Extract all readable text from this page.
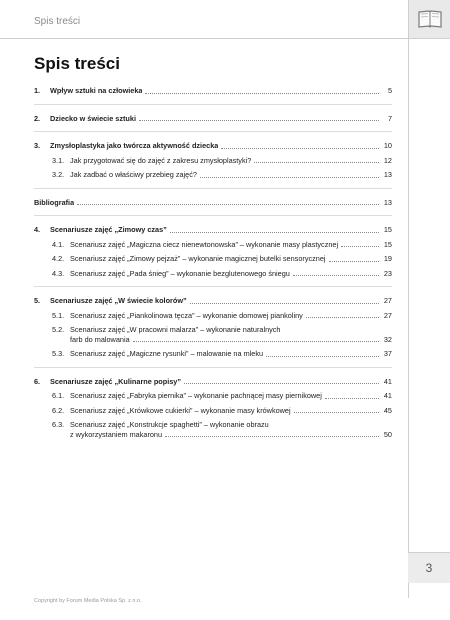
Spis treści
Spis treści
1.	Wpływ sztuki na człowieka	5
2.	Dziecko w świecie sztuki	7
3.	Zmysłoplastyka jako twórcza aktywność dziecka	10
3.1. Jak przygotować się do zajęć z zakresu zmysłoplastyki?	12
3.2. Jak zadbać o właściwy przebieg zajęć?	13
Bibliografia	13
4.	Scenariusze zajęć „Zimowy czas”	15
4.1. Scenariusz zajęć „Magiczna ciecz nienewtonowska” – wykonanie masy plastycznej	15
4.2. Scenariusz zajęć „Zimowy pejzaż” – wykonanie magicznej butelki sensorycznej	19
4.3. Scenariusz zajęć „Pada śnieg” – wykonanie bezglutenowego śniegu	23
5.	Scenariusze zajęć „W świecie kolorów”	27
5.1. Scenariusz zajęć „Piankolinowa tęcza” – wykonanie domowej piankoliny	27
5.2. Scenariusz zajęć „W pracowni malarza” – wykonanie naturalnych
farb do malowania	32
5.3. Scenariusz zajęć „Magiczne rysunki” – malowanie na mleku	37
6.	Scenariusze zajęć „Kulinarne popisy”	41
6.1. Scenariusz zajęć „Fabryka piernika” – wykonanie pachnącej masy piernikowej	41
6.2. Scenariusz zajęć „Krówkowe cukierki” – wykonanie masy krówkowej	45
6.3. Scenariusz zajęć „Konstrukcje spaghetti” – wykonanie obrazu
z wykorzystaniem makaronu	50
3
Copyright by Forum Media Polska Sp. z o.o.
